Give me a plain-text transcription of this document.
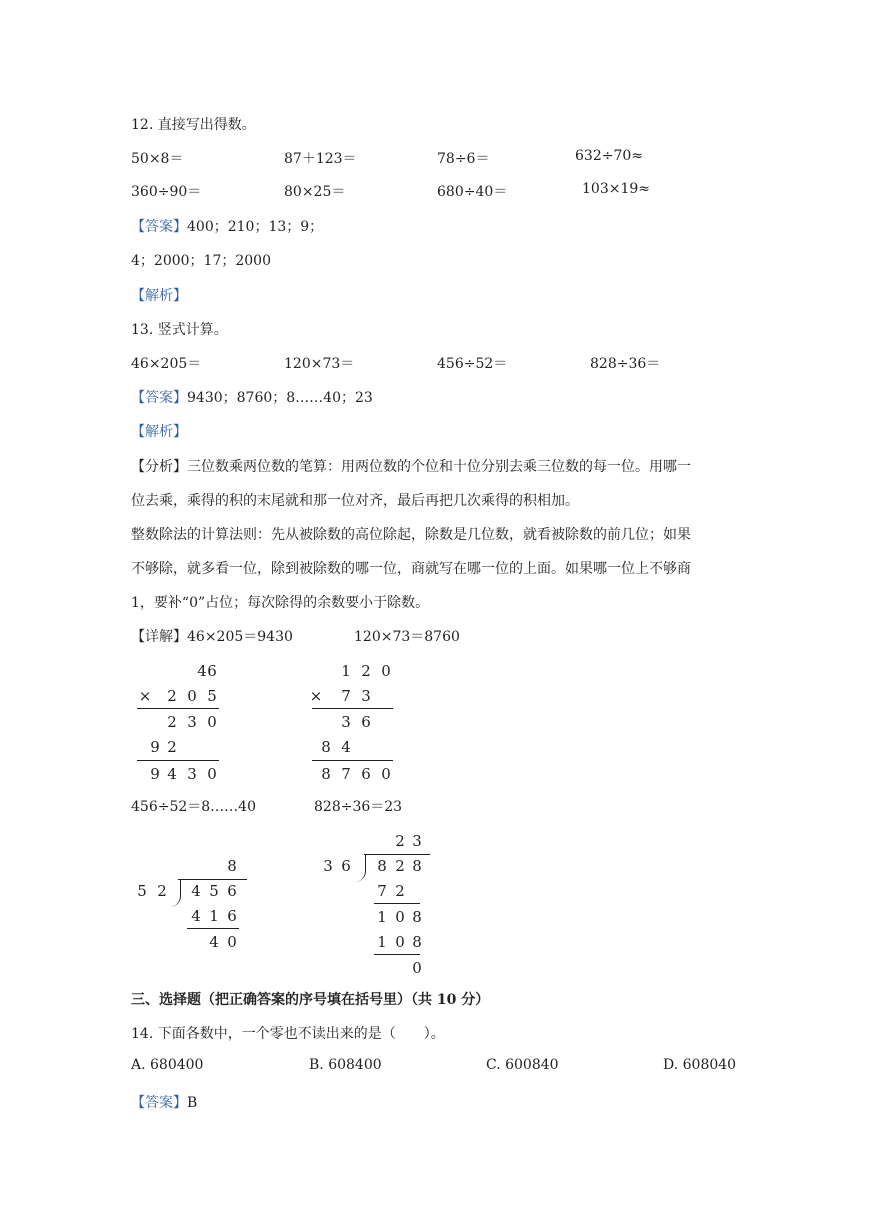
12. 直接写出得数。
50×8＝	87＋123＝	78÷6＝	632÷70≈
360÷90＝	80×25＝	680÷40＝	103×19≈
【答案】400；210；13；9；
4；2000；17；2000
【解析】
13. 竖式计算。
46×205＝	120×73＝	456÷52＝	828÷36＝
【答案】9430；8760；8……40；23
【解析】
【分析】三位数乘两位数的笔算：用两位数的个位和十位分别去乘三位数的每一位。用哪一
位去乘，乘得的积的末尾就和那一位对齐，最后再把几次乘得的积相加。
整数除法的计算法则：先从被除数的高位除起，除数是几位数，就看被除数的前几位；如果
不够除，就多看一位，除到被除数的哪一位，商就写在哪一位的上面。如果哪一位上不够商
1，要补“0”占位；每次除得的余数要小于除数。
【详解】46×205＝9430	120×73＝8760
4 6
×	2 0 5
2 3 0
9 2
9 4 3 0
1 2 0
×	7 3
3 6
8 4
8 7 6 0
456÷52＝8……40	828÷36＝23
8
5 2	4 5 6
4 1 6
4 0
2 3
3 6	8 2 8
7 2
1 0 8
1 0 8
0
三、选择题（把正确答案的序号填在括号里）（共 10 分）
14. 下面各数中，一个零也不读出来的是（　　）。
A. 680400	B. 608400	C. 600840	D. 608040
【答案】B
